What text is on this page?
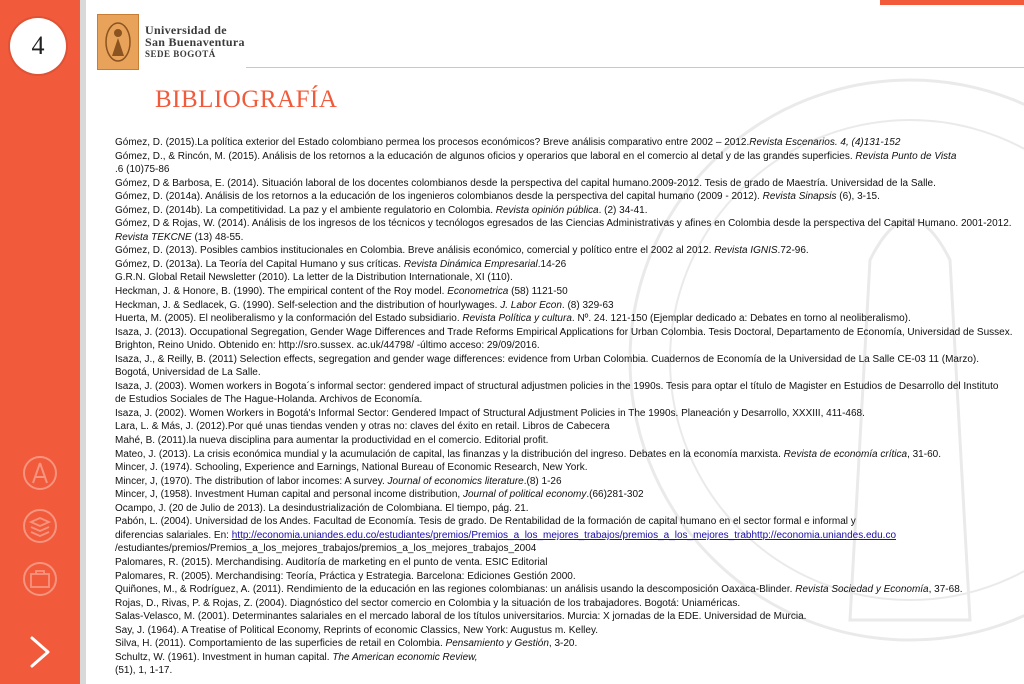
4
Universidad de
San Buenaventura
SEDE BOGOTÁ
BIBLIOGRAFÍA
Gómez, D. (2015).La política exterior del Estado colombiano permea los procesos económicos? Breve análisis comparativo entre 2002 – 2012.Revista Escenarios. 4, (4)131-152
Gómez, D., & Rincón, M. (2015). Análisis de los retornos a la educación de algunos oficios y operarios que laboral en el comercio al detal y de las grandes superficies. Revista Punto de Vista
.6 (10)75-86
Gómez, D & Barbosa, E. (2014). Situación laboral de los docentes colombianos desde la perspectiva del capital humano.2009-2012. Tesis de grado de Maestría. Universidad de la Salle.
Gómez, D. (2014a). Análisis de los retornos a la educación de los ingenieros colombianos desde la perspectiva del capital humano (2009 - 2012). Revista Sinapsis (6), 3-15.
Gómez, D. (2014b). La competitividad. La paz y el ambiente regulatorio en Colombia. Revista opinión pública. (2) 34-41.
Gómez, D & Rojas, W. (2014). Análisis de los ingresos de los técnicos y tecnólogos egresados de las Ciencias Administrativas y afines en Colombia desde la perspectiva del Capital Humano. 2001-2012.
Revista TEKCNE (13) 48-55.
Gómez, D. (2013). Posibles cambios institucionales en Colombia. Breve análisis económico, comercial y político entre el 2002 al 2012. Revista IGNIS.72-96.
Gómez, D. (2013a). La Teoría del Capital Humano y sus críticas. Revista Dinámica Empresarial.14-26
G.R.N. Global Retail Newsletter (2010). La letter de la Distribution Internationale, XI (110).
Heckman, J. & Honore, B. (1990). The empirical content of the Roy model. Econometrica (58) 1121-50
Heckman, J. & Sedlacek, G. (1990). Self-selection and the distribution of hourlywages. J. Labor Econ. (8) 329-63
Huerta, M. (2005). El neoliberalismo y la conformación del Estado subsidiario. Revista Política y cultura. Nº. 24. 121-150 (Ejemplar dedicado a: Debates en torno al neoliberalismo).
Isaza, J. (2013). Occupational Segregation, Gender Wage Differences and Trade Reforms Empirical Applications for Urban Colombia. Tesis Doctoral, Departamento de Economía, Universidad de Sussex.
Brighton, Reino Unido. Obtenido en: http://sro.sussex. ac.uk/44798/ -último acceso: 29/09/2016.
Isaza, J., & Reilly, B. (2011) Selection effects, segregation and gender wage differences: evidence from Urban Colombia. Cuadernos de Economía de la Universidad de La Salle CE-03 11 (Marzo).
Bogotá, Universidad de La Salle.
Isaza, J. (2003). Women workers in Bogota´s informal sector: gendered impact of structural adjustmen policies in the 1990s. Tesis para optar el título de Magister en Estudios de Desarrollo del Instituto
de Estudios Sociales de The Hague-Holanda. Archivos de Economía.
Isaza, J. (2002). Women Workers in Bogotá's Informal Sector: Gendered Impact of Structural Adjustment Policies in The 1990s. Planeación y Desarrollo, XXXIII, 411-468.
Lara, L. & Más, J. (2012).Por qué unas tiendas venden y otras no: claves del éxito en retail. Libros de Cabecera
Mahé, B. (2011).la nueva disciplina para aumentar la productividad en el comercio. Editorial profit.
Mateo, J. (2013). La crisis económica mundial y la acumulación de capital, las finanzas y la distribución del ingreso. Debates en la economía marxista. Revista de economía crítica, 31-60.
Mincer, J. (1974). Schooling, Experience and Earnings, National Bureau of Economic Research, New York.
Mincer, J, (1970). The distribution of labor incomes: A survey. Journal of economics literature.(8) 1-26
Mincer, J, (1958). Investment Human capital and personal income distribution, Journal of political economy.(66)281-302
Ocampo, J. (20 de Julio de 2013). La desindustrialización de Colombiana. El tiempo, pág. 21.
Pabón, L. (2004). Universidad de los Andes. Facultad de Economía. Tesis de grado. De Rentabilidad de la formación de capital humano en el sector formal e informal y
diferencias salariales. En: http://economia.uniandes.edu.co/estudiantes/premios/Premios_a_los_mejores_trabajos/premios_a_los_mejores_trabhttp://economia.uniandes.edu.co
/estudiantes/premios/Premios_a_los_mejores_trabajos/premios_a_los_mejores_trabajos_2004
Palomares, R. (2015). Merchandising. Auditoría de marketing en el punto de venta. ESIC Editorial
Palomares, R. (2005). Merchandising: Teoría, Práctica y Estrategia. Barcelona: Ediciones Gestión 2000.
Quiñones, M., & Rodríguez, A. (2011). Rendimiento de la educación en las regiones colombianas: un análisis usando la descomposición Oaxaca-Blinder. Revista Sociedad y Economía, 37-68.
Rojas, D., Rivas, P. & Rojas, Z. (2004). Diagnóstico del sector comercio en Colombia y la situación de los trabajadores. Bogotá: Uniaméricas.
Salas-Velasco, M. (2001). Determinantes salariales en el mercado laboral de los títulos universitarios. Murcia: X jornadas de la EDE. Universidad de Murcia.
Say, J. (1964). A Treatise of Political Economy, Reprints of economic Classics, New York: Augustus m. Kelley.
Silva, H. (2011). Comportamiento de las superficies de retail en Colombia. Pensamiento y Gestión, 3-20.
Schultz, W. (1961). Investment in human capital. The American economic Review,
(51), 1, 1-17.
